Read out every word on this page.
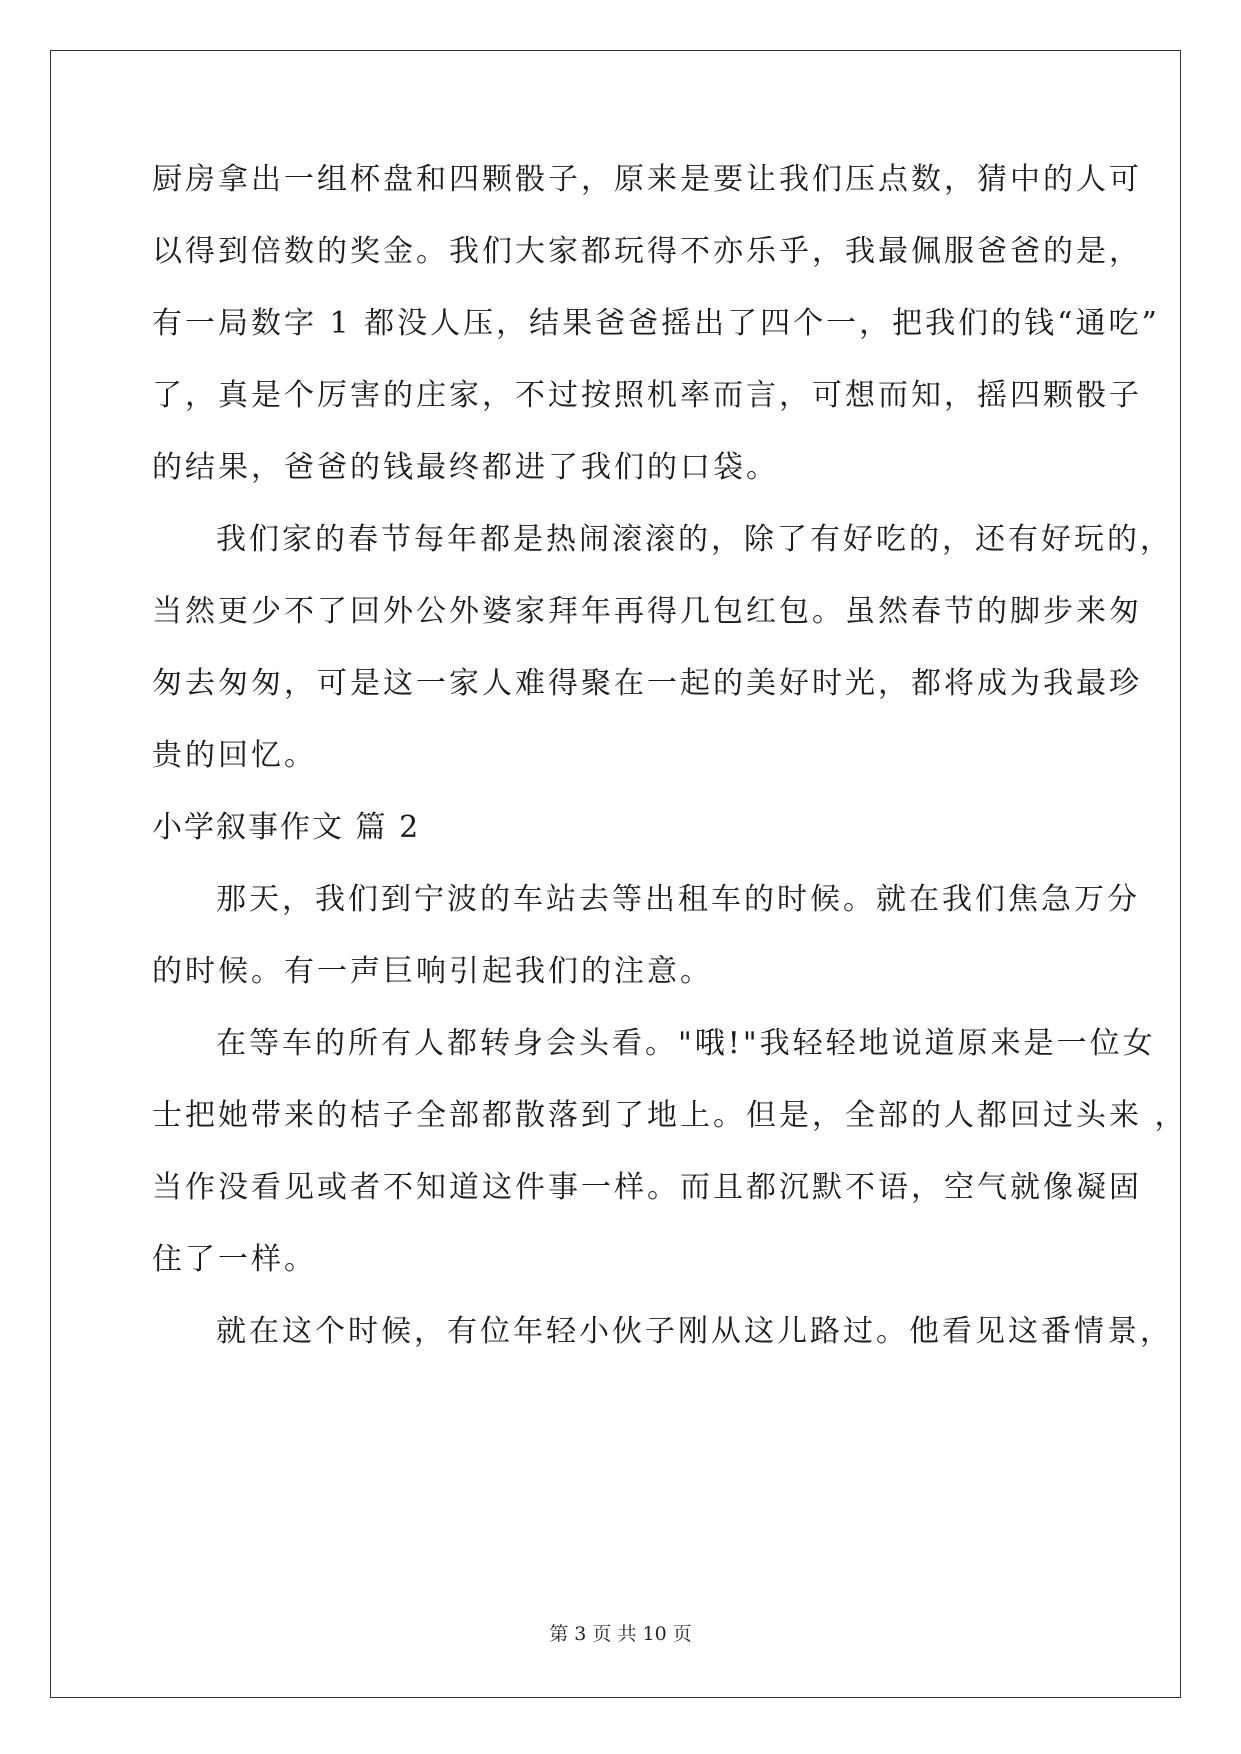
厨房拿出一组杯盘和四颗骰子，原来是要让我们压点数，猜中的人可
以得到倍数的奖金。我们大家都玩得不亦乐乎，我最佩服爸爸的是，
有一局数字 1 都没人压，结果爸爸摇出了四个一，把我们的钱“通吃”
了，真是个厉害的庄家，不过按照机率而言，可想而知，摇四颗骰子
的结果，爸爸的钱最终都进了我们的口袋。
我们家的春节每年都是热闹滚滚的，除了有好吃的，还有好玩的，
当然更少不了回外公外婆家拜年再得几包红包。虽然春节的脚步来匆
匆去匆匆，可是这一家人难得聚在一起的美好时光，都将成为我最珍
贵的回忆。
小学叙事作文 篇 2
那天，我们到宁波的车站去等出租车的时候。就在我们焦急万分
的时候。有一声巨响引起我们的注意。
在等车的所有人都转身会头看。"哦!"我轻轻地说道原来是一位女
士把她带来的桔子全部都散落到了地上。但是，全部的人都回过头来 ，
当作没看见或者不知道这件事一样。而且都沉默不语，空气就像凝固
住了一样。
就在这个时候，有位年轻小伙子刚从这儿路过。他看见这番情景，
第 3 页 共 10 页
